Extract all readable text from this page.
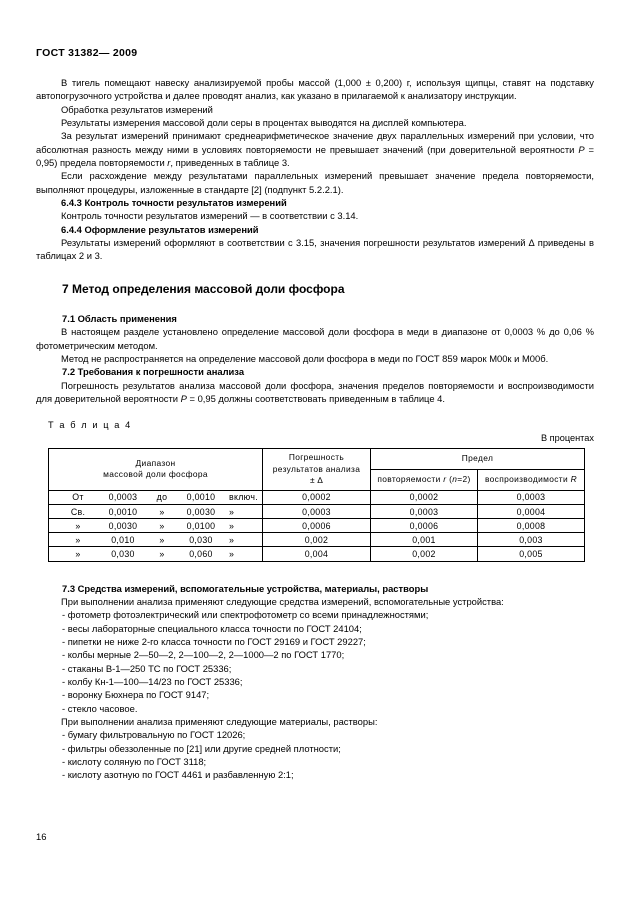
ГОСТ 31382— 2009

В тигель помещают навеску анализируемой пробы массой (1,000 ± 0,200) г, используя щипцы, ставят на подставку автопогрузочного устройства и далее проводят анализ, как указано в прилагаемой к анализатору инструкции.

Обработка результатов измерений

Результаты измерения массовой доли серы в процентах выводятся на дисплей компьютера.

За результат измерений принимают среднеарифметическое значение двух параллельных измерений при условии, что абсолютная разность между ними в условиях повторяемости не превышает значений (при доверительной вероятности P = 0,95) предела повторяемости r, приведенных в таблице 3.

Если расхождение между результатами параллельных измерений превышает значение предела повторяемости, выполняют процедуры, изложенные в стандарте [2] (подпункт 5.2.2.1).

6.4.3 Контроль точности результатов измерений

Контроль точности результатов измерений — в соответствии с 3.14.

6.4.4 Оформление результатов измерений

Результаты измерений оформляют в соответствии с 3.15, значения погрешности результатов измерений ∆ приведены в таблицах 2 и 3.

7 Метод определения массовой доли фосфора

7.1 Область применения

В настоящем разделе установлено определение массовой доли фосфора в меди в диапазоне от 0,0003 % до 0,06 % фотометрическим методом.

Метод не распространяется на определение массовой доли фосфора в меди по ГОСТ 859 марок М00к и М00б.

7.2 Требования к погрешности анализа

Погрешность результатов анализа массовой доли фосфора, значения пределов повторяемости и воспроизводимости для доверительной вероятности P = 0,95 должны соответствовать приведенным в таблице 4.

Т а б л и ц а 4

В процентах

Диапазон
массовой доли фосфора	Погрешность
результатов анализа
± ∆	Предел	
		повторяемости r (n=2)	воспроизводимости R

От 0,0003 до 0,0010 включ.	0,0002	0,0002	0,0003

Св. 0,0010 » 0,0030 »	0,0003	0,0003	0,0004

» 0,0030 » 0,0100 »	0,0006	0,0006	0,0008

» 0,010 » 0,030 »	0,002	0,001	0,003

» 0,030 » 0,060 »	0,004	0,002	0,005

7.3 Средства измерений, вспомогательные устройства, материалы, растворы

При выполнении анализа применяют следующие средства измерений, вспомогательные устройства:

- фотометр фотоэлектрический или спектрофотометр со всеми принадлежностями;

- весы лабораторные специального класса точности по ГОСТ 24104;

- пипетки не ниже 2-го класса точности по ГОСТ 29169 и ГОСТ 29227;

- колбы мерные 2—50—2, 2—100—2, 2—1000—2 по ГОСТ 1770;

- стаканы В-1—250 ТС по ГОСТ 25336;

- колбу Кн-1—100—14/23 по ГОСТ 25336;

- воронку Бюхнера по ГОСТ 9147;

- стекло часовое.

При выполнении анализа применяют следующие материалы, растворы:

- бумагу фильтровальную по ГОСТ 12026;

- фильтры обеззоленные по [21] или другие средней плотности;

- кислоту соляную по ГОСТ 3118;

- кислоту азотную по ГОСТ 4461 и разбавленную 2:1;

16
